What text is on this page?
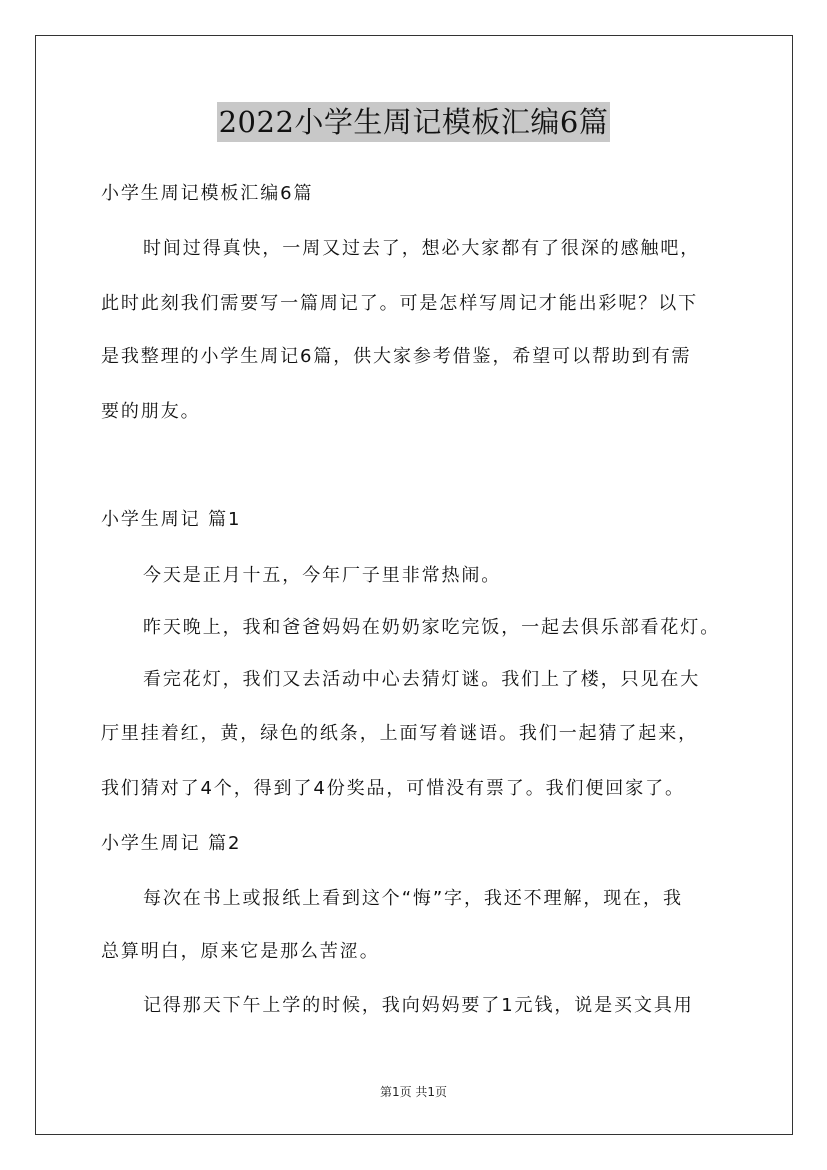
2022小学生周记模板汇编6篇
小学生周记模板汇编6篇
时间过得真快，一周又过去了，想必大家都有了很深的感触吧，
此时此刻我们需要写一篇周记了。可是怎样写周记才能出彩呢？以下
是我整理的小学生周记6篇，供大家参考借鉴，希望可以帮助到有需
要的朋友。
小学生周记 篇1
今天是正月十五，今年厂子里非常热闹。
昨天晚上，我和爸爸妈妈在奶奶家吃完饭，一起去俱乐部看花灯。
看完花灯，我们又去活动中心去猜灯谜。我们上了楼，只见在大
厅里挂着红，黄，绿色的纸条，上面写着谜语。我们一起猜了起来，
我们猜对了4个，得到了4份奖品，可惜没有票了。我们便回家了。
小学生周记 篇2
每次在书上或报纸上看到这个“悔”字，我还不理解，现在，我
总算明白，原来它是那么苦涩。
记得那天下午上学的时候，我向妈妈要了1元钱，说是买文具用
第1页 共1页
